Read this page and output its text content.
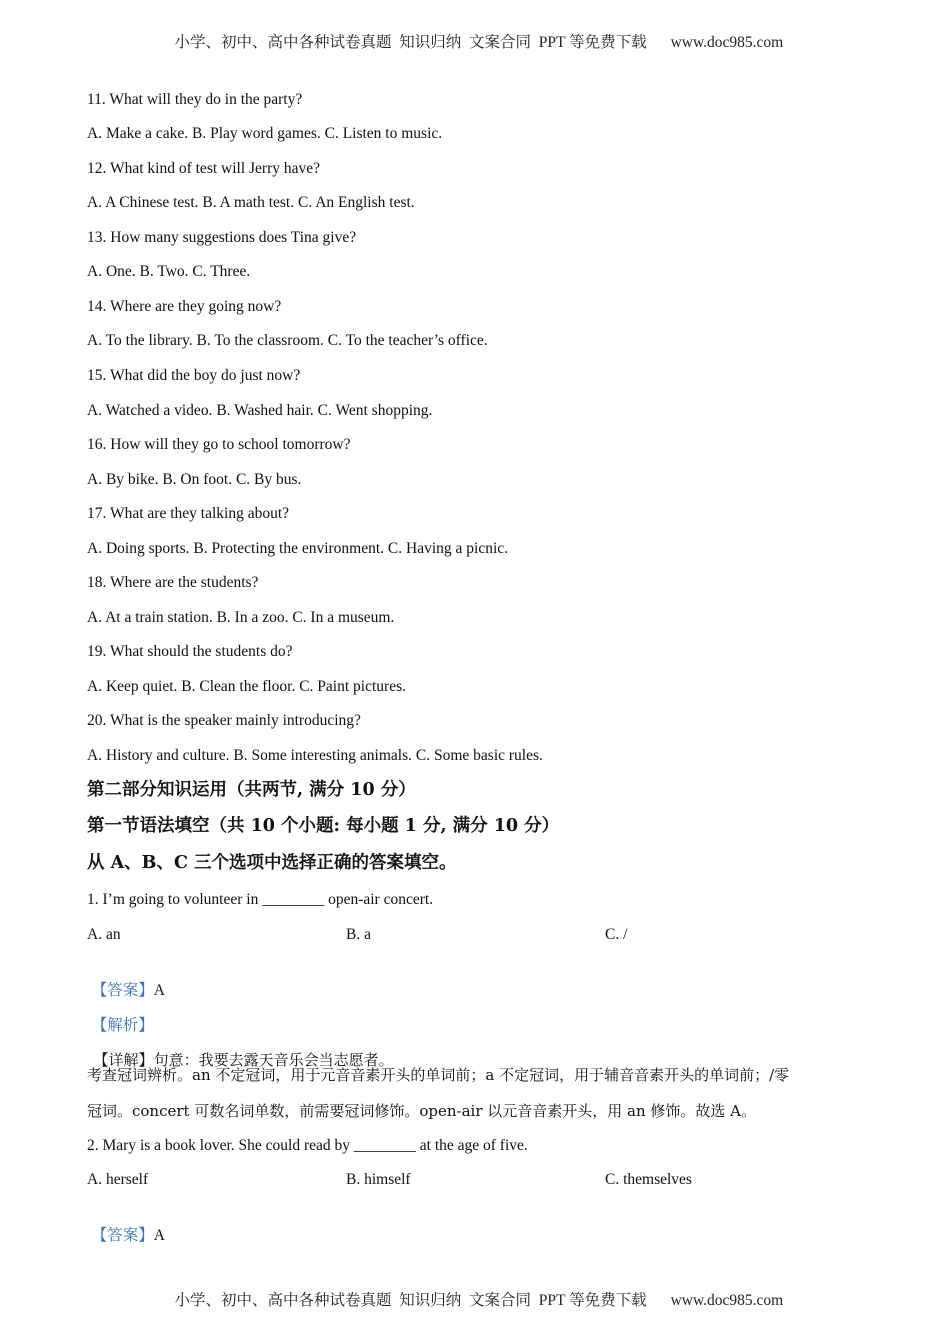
小学、初中、高中各种试卷真题  知识归纳  文案合同  PPT 等免费下载 www.doc985.com

11. What will they do in the party?
A. Make a cake. B. Play word games. C. Listen to music.
12. What kind of test will Jerry have?
A. A Chinese test. B. A math test. C. An English test.
13. How many suggestions does Tina give?
A. One. B. Two. C. Three.
14. Where are they going now?
A. To the library. B. To the classroom. C. To the teacher’s office.
15. What did the boy do just now?
A. Watched a video. B. Washed hair. C. Went shopping.
16. How will they go to school tomorrow?
A. By bike. B. On foot. C. By bus.
17. What are they talking about?
A. Doing sports. B. Protecting the environment. C. Having a picnic.
18. Where are the students?
A. At a train station. B. In a zoo. C. In a museum.
19. What should the students do?
A. Keep quiet. B. Clean the floor. C. Paint pictures.
20. What is the speaker mainly introducing?
A. History and culture. B. Some interesting animals. C. Some basic rules.
第二部分知识运用（共两节, 满分 10 分）
第一节语法填空（共 10 个小题: 每小题 1 分, 满分 10 分）
从 A、B、C 三个选项中选择正确的答案填空。
1. I’m going to volunteer in ________ open-air concert.
A. an	B. a	C. /

【答案】A

【解析】

【详解】句意：我要去露天音乐会当志愿者。

考查冠词辨析。an 不定冠词，用于元音音素开头的单词前；a 不定冠词，用于辅音音素开头的单词前；/零
冠词。concert 可数名词单数，前需要冠词修饰。open-air 以元音音素开头，用 an 修饰。故选 A。
2. Mary is a book lover. She could read by ________ at the age of five.
A. herself	B. himself	C. themselves

【答案】A

小学、初中、高中各种试卷真题  知识归纳  文案合同  PPT 等免费下载 www.doc985.com
